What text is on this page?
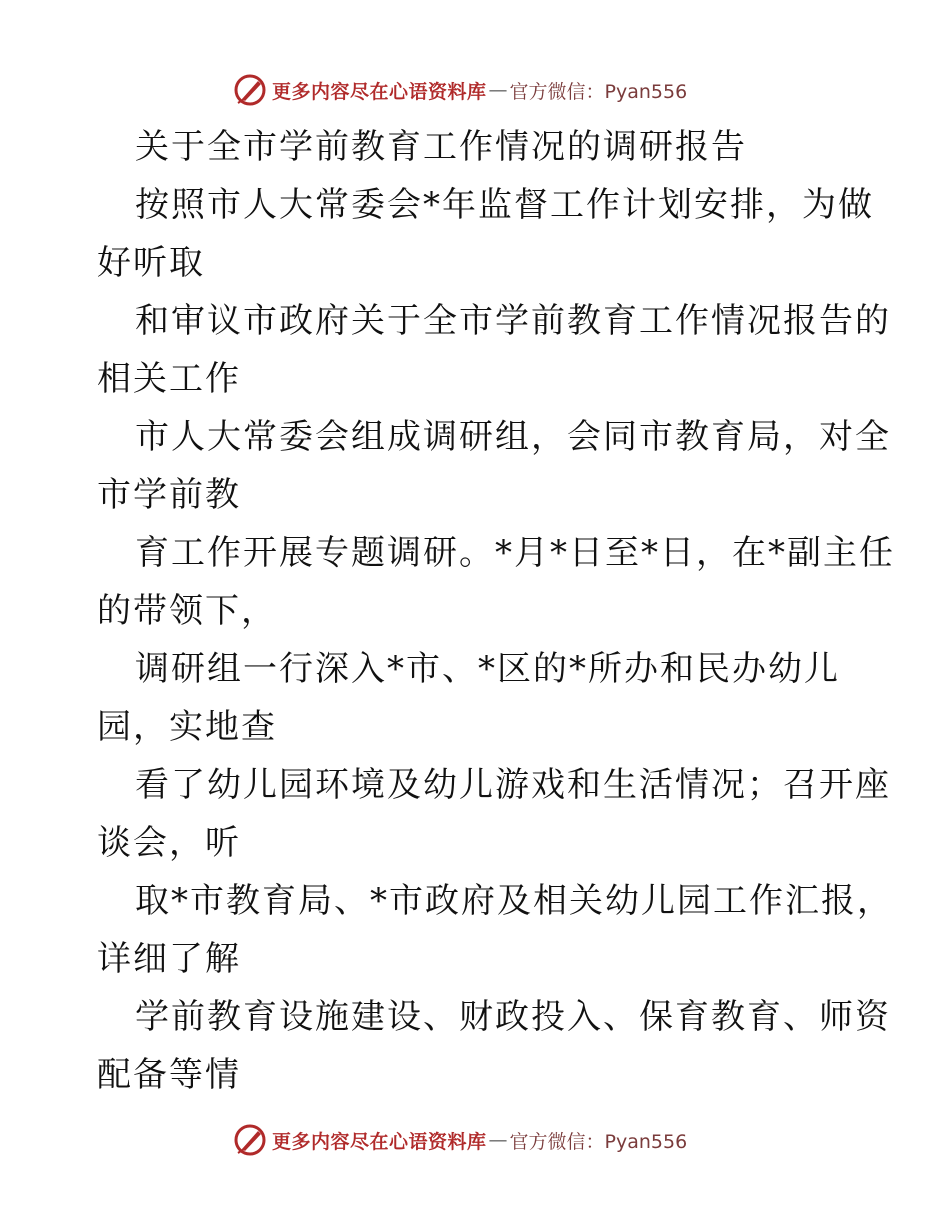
更多内容尽在心语资料库 — 官方微信：Pyan556
关于全市学前教育工作情况的调研报告
按照市人大常委会*年监督工作计划安排，为做
好听取
和审议市政府关于全市学前教育工作情况报告的
相关工作
市人大常委会组成调研组，会同市教育局，对全
市学前教
育工作开展专题调研。*月*日至*日，在*副主任
的带领下，
调研组一行深入*市、*区的*所办和民办幼儿
园，实地查
看了幼儿园环境及幼儿游戏和生活情况；召开座
谈会，听
取*市教育局、*市政府及相关幼儿园工作汇报，
详细了解
学前教育设施建设、财政投入、保育教育、师资
配备等情
更多内容尽在心语资料库 — 官方微信：Pyan556
